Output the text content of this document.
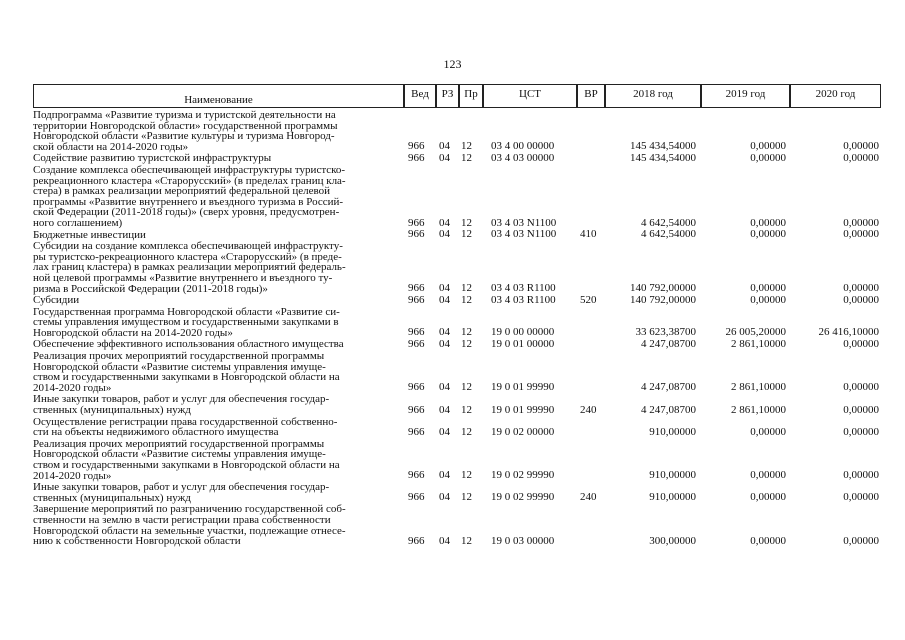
123
Наименование	Вед	РЗ Пр	ЦСТ	ВР	2018 год	2019 год	2020 год
Подпрограмма «Развитие туризма и туристской деятельности на
территории Новгородской области» государственной программы
Новгородской области «Развитие культуры и туризма Новгород-
ской области на 2014-2020 годы»	966 04 12 03 4 00 00000	145 434,54000	0,00000	0,00000
Содействие развитию туристской инфраструктуры	966 04 12 03 4 03 00000	145 434,54000	0,00000	0,00000
Создание комплекса обеспечивающей инфраструктуры туристско-
рекреационного кластера «Старорусский» (в пределах границ кла-
стера) в рамках реализации мероприятий федеральной целевой
программы «Развитие внутреннего и въездного туризма в Россий-
ской Федерации (2011-2018 годы)» (сверх уровня, предусмотрен-
ного соглашением)	966 04 12 03 4 03 N1100	4 642,54000	0,00000	0,00000
Бюджетные инвестиции	966 04 12 03 4 03 N1100 410	4 642,54000	0,00000	0,00000
Субсидии на создание комплекса обеспечивающей инфраструкту-
ры туристско-рекреационного кластера «Старорусский» (в преде-
лах границ кластера) в рамках реализации мероприятий федераль-
ной целевой программы «Развитие внутреннего и въездного ту-
ризма в Российской Федерации (2011-2018 годы)»	966 04 12 03 4 03 R1100	140 792,00000	0,00000	0,00000
Субсидии	966 04 12 03 4 03 R1100 520	140 792,00000	0,00000	0,00000
Государственная программа Новгородской области «Развитие си-
стемы управления имуществом и государственными закупками в
Новгородской области на 2014-2020 годы»	966 04 12 19 0 00 00000	33 623,38700	26 005,20000	26 416,10000
Обеспечение эффективного использования областного имущества	966 04 12 19 0 01 00000	4 247,08700	2 861,10000	0,00000
Реализация прочих мероприятий государственной программы
Новгородской области «Развитие системы управления имуще-
ством и государственными закупками в Новгородской области на
2014-2020 годы»	966 04 12 19 0 01 99990	4 247,08700	2 861,10000	0,00000
Иные закупки товаров, работ и услуг для обеспечения государ-
ственных (муниципальных) нужд	966 04 12 19 0 01 99990 240	4 247,08700	2 861,10000	0,00000
Осуществление регистрации права государственной собственно-
сти на объекты недвижимого областного имущества	966 04 12 19 0 02 00000	910,00000	0,00000	0,00000
Реализация прочих мероприятий государственной программы
Новгородской области «Развитие системы управления имуще-
ством и государственными закупками в Новгородской области на
2014-2020 годы»	966 04 12 19 0 02 99990	910,00000	0,00000	0,00000
Иные закупки товаров, работ и услуг для обеспечения государ-
ственных (муниципальных) нужд	966 04 12 19 0 02 99990 240	910,00000	0,00000	0,00000
Завершение мероприятий по разграничению государственной соб-
ственности на землю в части регистрации права собственности
Новгородской области на земельные участки, подлежащие отнесе-
нию к собственности Новгородской области	966 04 12 19 0 03 00000	300,00000	0,00000	0,00000
